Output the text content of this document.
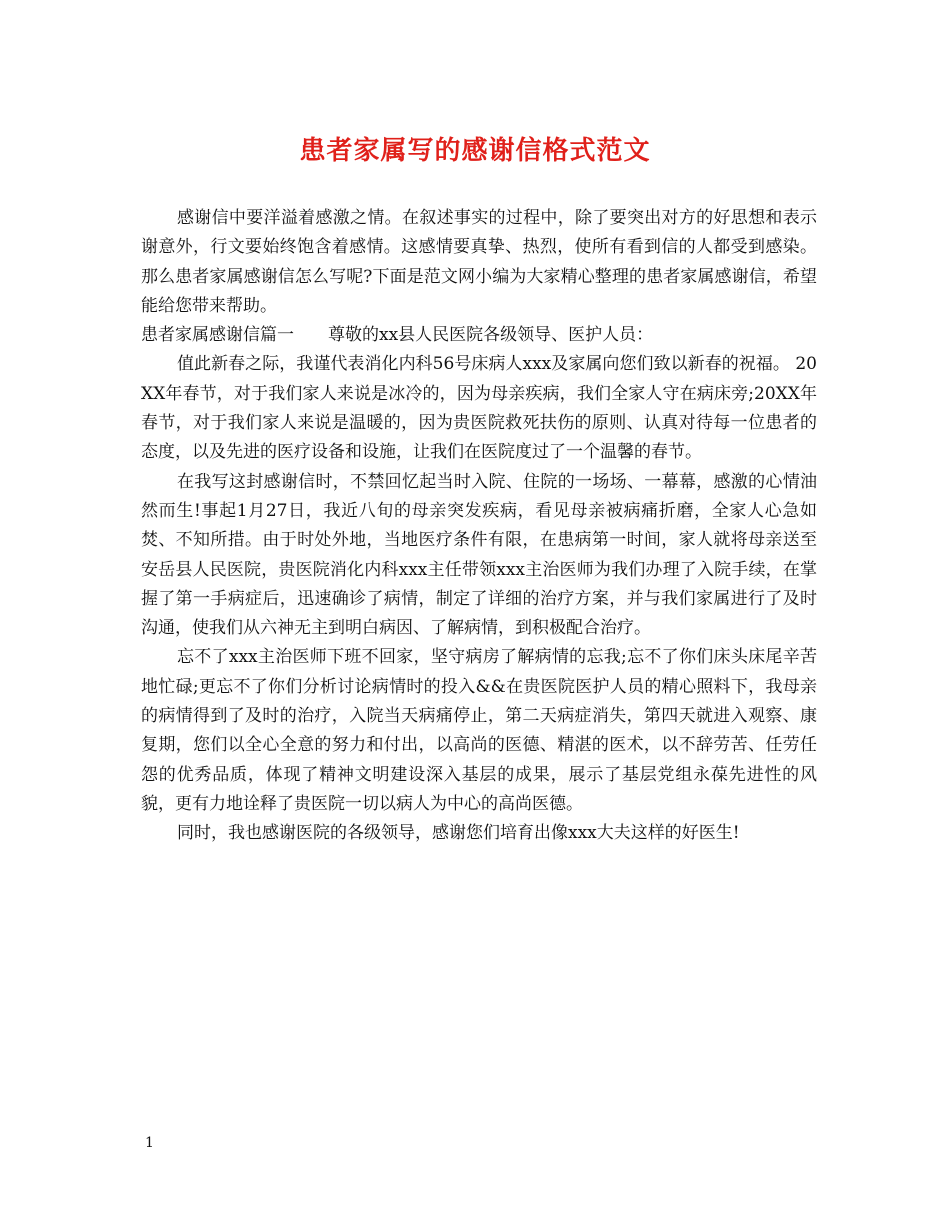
患者家属写的感谢信格式范文

感谢信中要洋溢着感激之情。在叙述事实的过程中，除了要突出对方的好思想和表示谢意外，行文要始终饱含着感情。这感情要真挚、热烈，使所有看到信的人都受到感染。那么患者家属感谢信怎么写呢?下面是范文网小编为大家精心整理的患者家属感谢信，希望能给您带来帮助。

患者家属感谢信篇一　　尊敬的xx县人民医院各级领导、医护人员：

值此新春之际，我谨代表消化内科56号床病人xxx及家属向您们致以新春的祝福。 20XX年春节，对于我们家人来说是冰冷的，因为母亲疾病，我们全家人守在病床旁;20XX年春节，对于我们家人来说是温暖的，因为贵医院救死扶伤的原则、认真对待每一位患者的态度，以及先进的医疗设备和设施，让我们在医院度过了一个温馨的春节。

在我写这封感谢信时，不禁回忆起当时入院、住院的一场场、一幕幕，感激的心情油然而生!事起1月27日，我近八旬的母亲突发疾病，看见母亲被病痛折磨，全家人心急如焚、不知所措。由于时处外地，当地医疗条件有限，在患病第一时间，家人就将母亲送至安岳县人民医院，贵医院消化内科xxx主任带领xxx主治医师为我们办理了入院手续，在掌握了第一手病症后，迅速确诊了病情，制定了详细的治疗方案，并与我们家属进行了及时沟通，使我们从六神无主到明白病因、了解病情，到积极配合治疗。

忘不了xxx主治医师下班不回家，坚守病房了解病情的忘我;忘不了你们床头床尾辛苦地忙碌;更忘不了你们分析讨论病情时的投入&&在贵医院医护人员的精心照料下，我母亲的病情得到了及时的治疗，入院当天病痛停止，第二天病症消失，第四天就进入观察、康复期，您们以全心全意的努力和付出，以高尚的医德、精湛的医术，以不辞劳苦、任劳任怨的优秀品质，体现了精神文明建设深入基层的成果，展示了基层党组永葆先进性的风貌，更有力地诠释了贵医院一切以病人为中心的高尚医德。

同时，我也感谢医院的各级领导，感谢您们培育出像xxx大夫这样的好医生!

1
